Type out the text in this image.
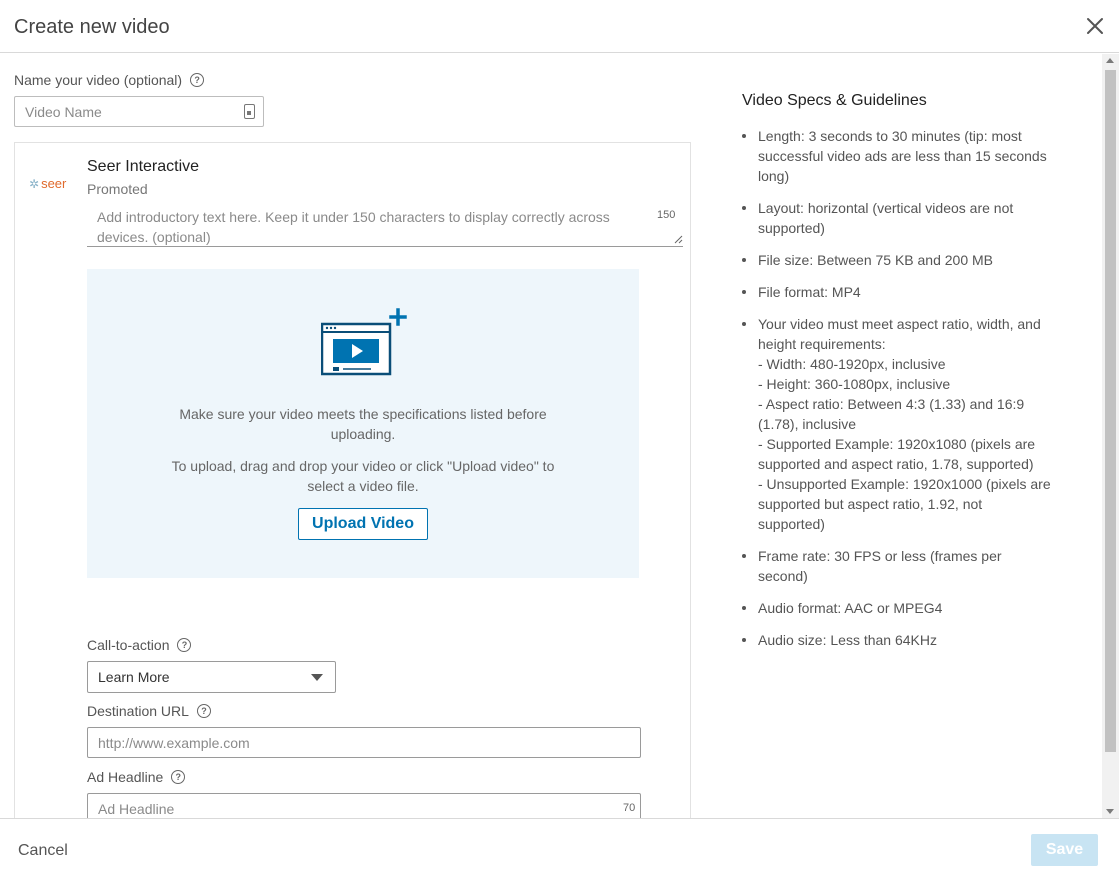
Create new video
Name your video (optional)	?
Video Name
✲ seer
Seer Interactive
Promoted
Add introductory text here. Keep it under 150 characters to display correctly across devices. (optional)
150
Make sure your video meets the specifications listed before uploading.
To upload, drag and drop your video or click "Upload video" to select a video file.
Upload Video
Call-to-action	?
Learn More
Destination URL	?
http://www.example.com
Ad Headline	?
Ad Headline
70
Video Specs & Guidelines
Length: 3 seconds to 30 minutes (tip: most successful video ads are less than 15 seconds long)
Layout: horizontal (vertical videos are not supported)
File size: Between 75 KB and 200 MB
File format: MP4
Your video must meet aspect ratio, width, and height requirements:
- Width: 480-1920px, inclusive
- Height: 360-1080px, inclusive
- Aspect ratio: Between 4:3 (1.33) and 16:9 (1.78), inclusive
- Supported Example: 1920x1080 (pixels are supported and aspect ratio, 1.78, supported)
- Unsupported Example: 1920x1000 (pixels are supported but aspect ratio, 1.92, not supported)
Frame rate: 30 FPS or less (frames per second)
Audio format: AAC or MPEG4
Audio size: Less than 64KHz
Cancel	Save
